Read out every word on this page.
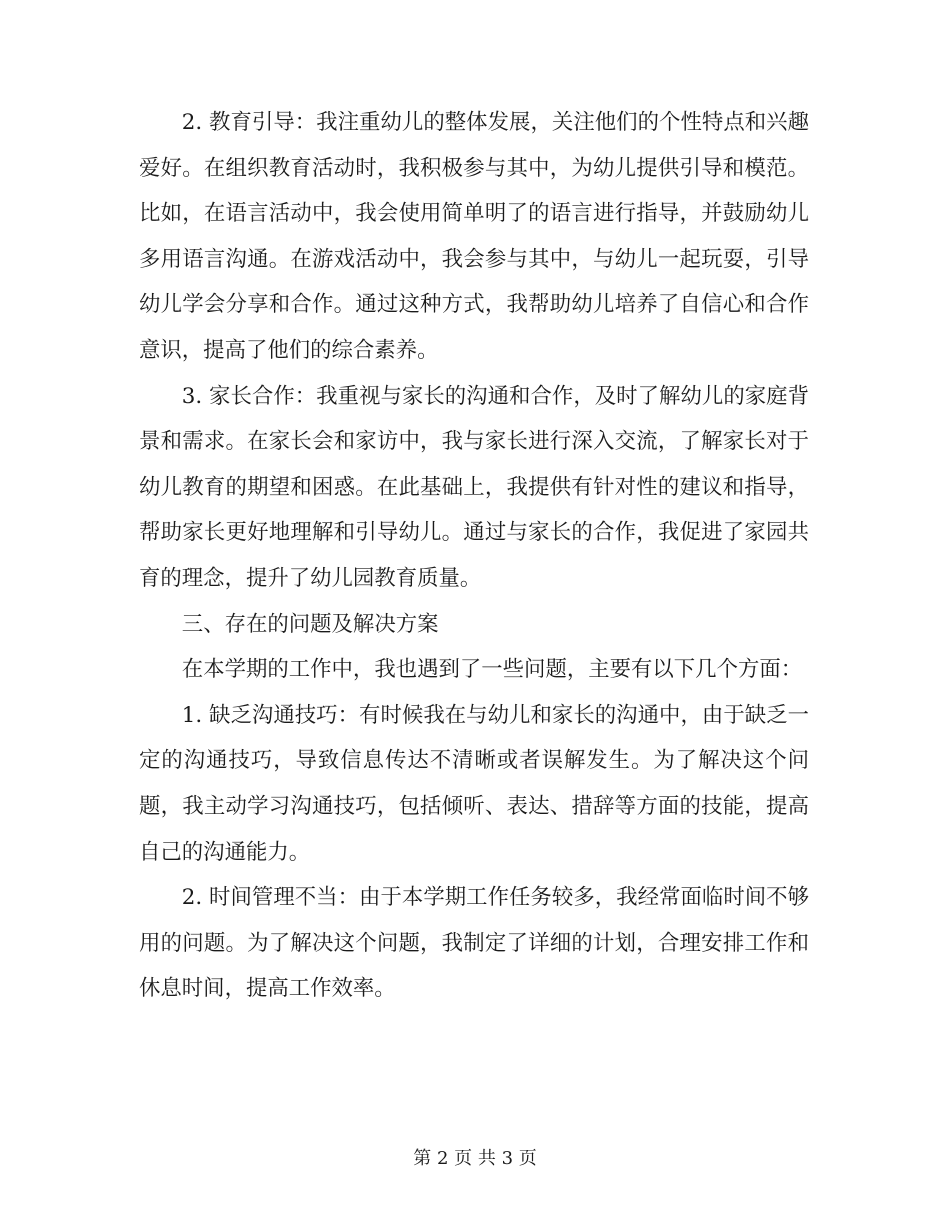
2. 教育引导：我注重幼儿的整体发展，关注他们的个性特点和兴趣爱好。在组织教育活动时，我积极参与其中，为幼儿提供引导和模范。比如，在语言活动中，我会使用简单明了的语言进行指导，并鼓励幼儿多用语言沟通。在游戏活动中，我会参与其中，与幼儿一起玩耍，引导幼儿学会分享和合作。通过这种方式，我帮助幼儿培养了自信心和合作意识，提高了他们的综合素养。

3. 家长合作：我重视与家长的沟通和合作，及时了解幼儿的家庭背景和需求。在家长会和家访中，我与家长进行深入交流，了解家长对于幼儿教育的期望和困惑。在此基础上，我提供有针对性的建议和指导，帮助家长更好地理解和引导幼儿。通过与家长的合作，我促进了家园共育的理念，提升了幼儿园教育质量。

三、存在的问题及解决方案

在本学期的工作中，我也遇到了一些问题，主要有以下几个方面：

1. 缺乏沟通技巧：有时候我在与幼儿和家长的沟通中，由于缺乏一定的沟通技巧，导致信息传达不清晰或者误解发生。为了解决这个问题，我主动学习沟通技巧，包括倾听、表达、措辞等方面的技能，提高自己的沟通能力。

2. 时间管理不当：由于本学期工作任务较多，我经常面临时间不够用的问题。为了解决这个问题，我制定了详细的计划，合理安排工作和休息时间，提高工作效率。

第 2 页 共 3 页
